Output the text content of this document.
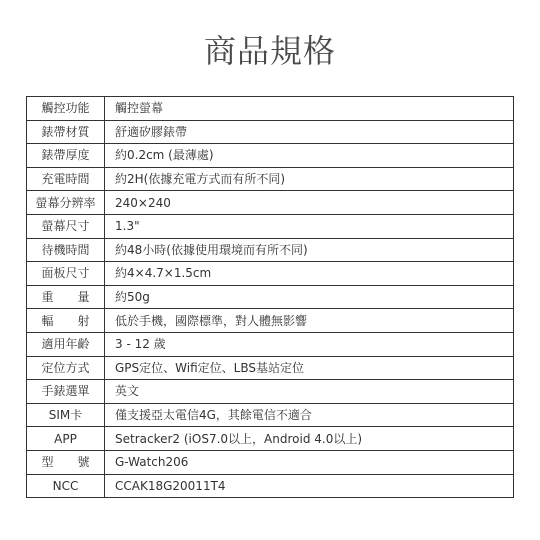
商品規格
觸控功能	觸控螢幕
錶帶材質	舒適矽膠錶帶
錶帶厚度	約0.2cm (最薄處)
充電時間	約2H(依據充電方式而有所不同)
螢幕分辨率	240×240
螢幕尺寸	1.3"
待機時間	約48小時(依據使用環境而有所不同)
面板尺寸	約4×4.7×1.5cm
重　　量	約50g
輻　　射	低於手機，國際標準，對人體無影響
適用年齡	3 - 12 歲
定位方式	GPS定位、Wifi定位、LBS基站定位
手錶選單	英文
SIM卡	僅支援亞太電信4G，其餘電信不適合
APP	Setracker2 (iOS7.0以上，Android 4.0以上)
型　　號	G-Watch206
NCC	CCAK18G20011T4
